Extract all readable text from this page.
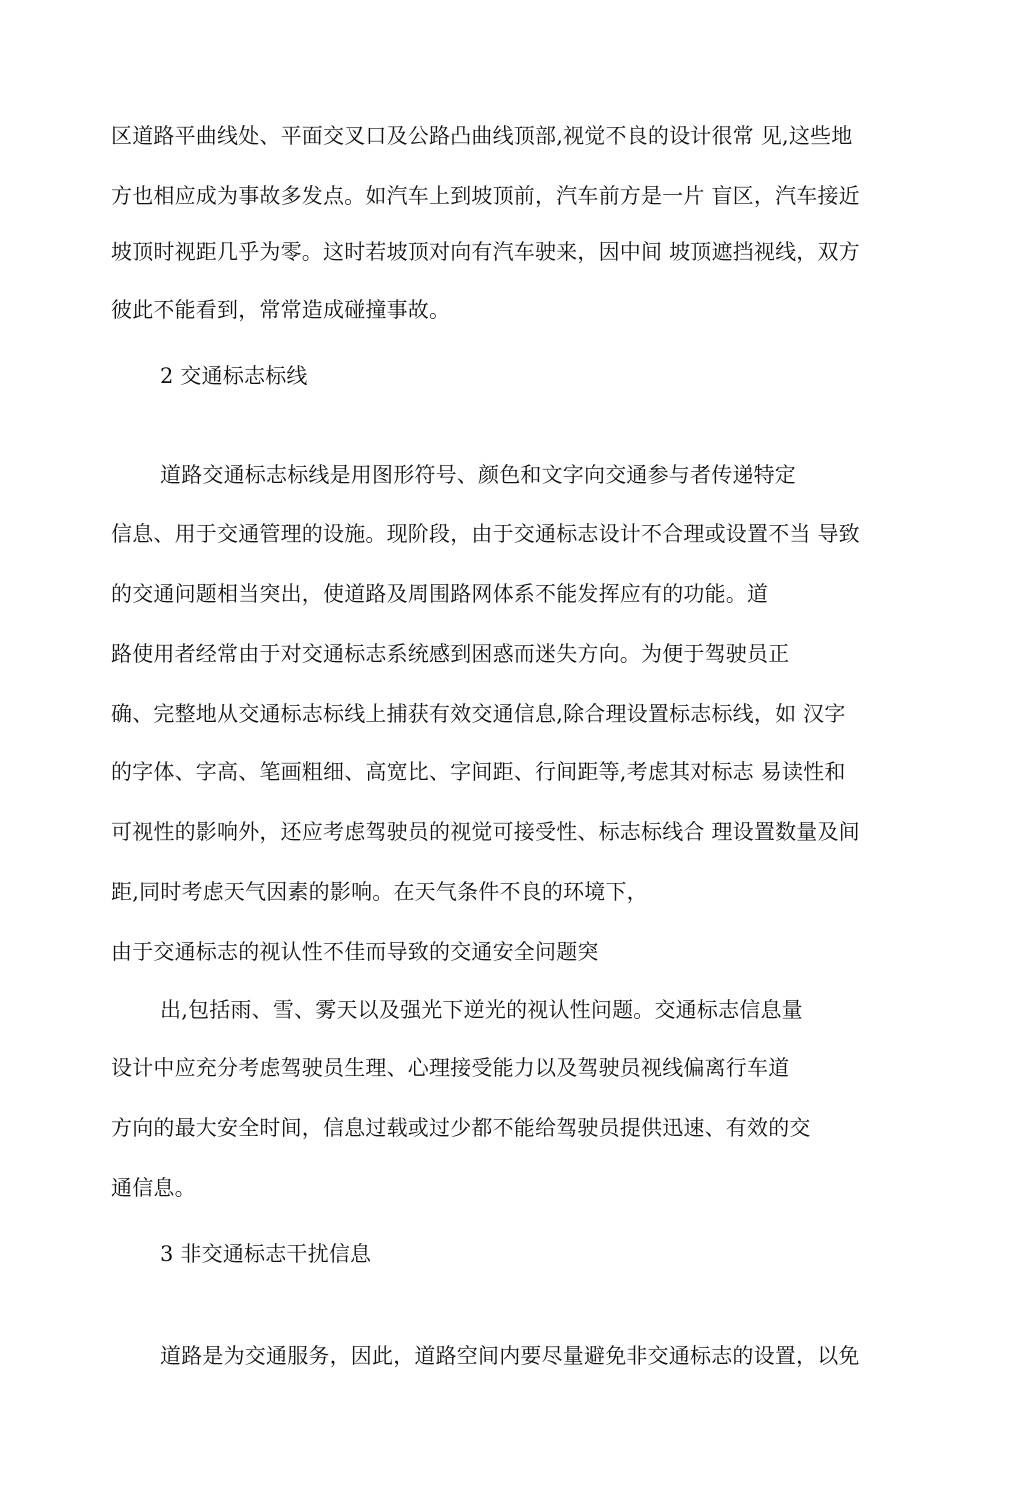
区道路平曲线处、平面交叉口及公路凸曲线顶部,视觉不良的设计很常 见,这些地
方也相应成为事故多发点。如汽车上到坡顶前，汽车前方是一片 盲区，汽车接近
坡顶时视距几乎为零。这时若坡顶对向有汽车驶来，因中间 坡顶遮挡视线，双方
彼此不能看到，常常造成碰撞事故。
2 交通标志标线
道路交通标志标线是用图形符号、颜色和文字向交通参与者传递特定
信息、用于交通管理的设施。现阶段，由于交通标志设计不合理或设置不当 导致
的交通问题相当突出，使道路及周围路网体系不能发挥应有的功能。道
路使用者经常由于对交通标志系统感到困惑而迷失方向。为便于驾驶员正
确、完整地从交通标志标线上捕获有效交通信息,除合理设置标志标线，如 汉字
的字体、字高、笔画粗细、高宽比、字间距、行间距等,考虑其对标志 易读性和
可视性的影响外，还应考虑驾驶员的视觉可接受性、标志标线合 理设置数量及间
距,同时考虑天气因素的影响。在天气条件不良的环境下，
由于交通标志的视认性不佳而导致的交通安全问题突
出,包括雨、雪、雾天以及强光下逆光的视认性问题。交通标志信息量
设计中应充分考虑驾驶员生理、心理接受能力以及驾驶员视线偏离行车道
方向的最大安全时间，信息过载或过少都不能给驾驶员提供迅速、有效的交
通信息。
3 非交通标志干扰信息
道路是为交通服务，因此，道路空间内要尽量避免非交通标志的设置，以免
